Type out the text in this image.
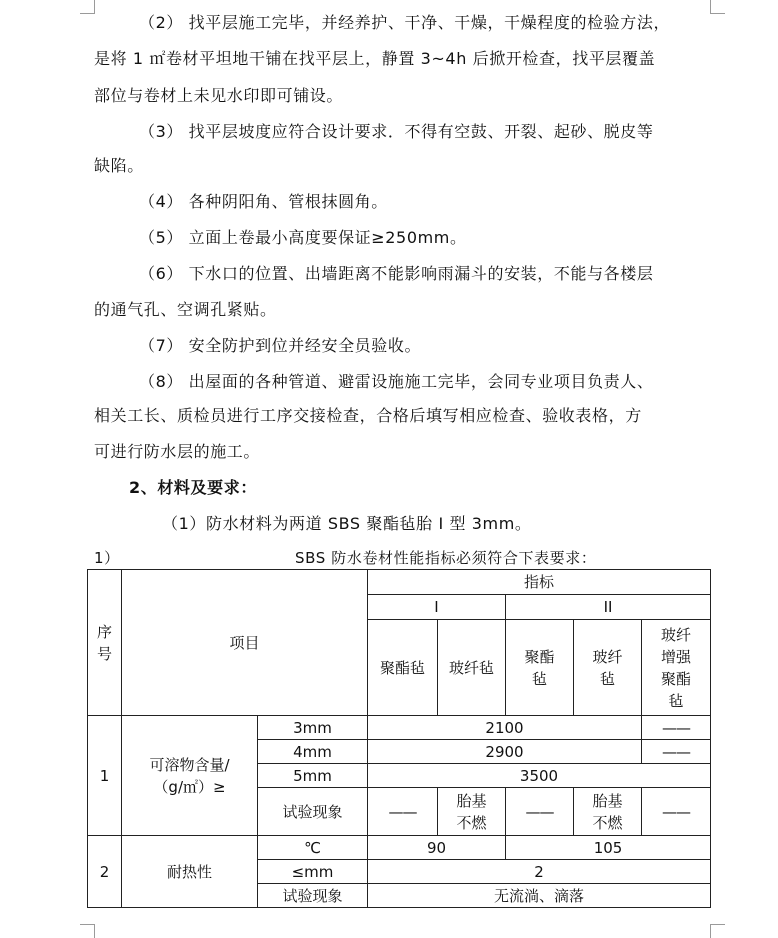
（2） 找平层施工完毕，并经养护、干净、干燥，干燥程度的检验方法，
是将 1 ㎡卷材平坦地干铺在找平层上，静置 3~4h 后掀开检查，找平层覆盖
部位与卷材上未见水印即可铺设。
（3） 找平层坡度应符合设计要求．不得有空鼓、开裂、起砂、脱皮等
缺陷。
（4） 各种阴阳角、管根抹圆角。
（5） 立面上卷最小高度要保证≥250mm。
（6） 下水口的位置、出墙距离不能影响雨漏斗的安装，不能与各楼层
的通气孔、空调孔紧贴。
（7） 安全防护到位并经安全员验收。
（8） 出屋面的各种管道、避雷设施施工完毕，会同专业项目负责人、
相关工长、质检员进行工序交接检查，合格后填写相应检查、验收表格，方
可进行防水层的施工。
2、材料及要求：
（1）防水材料为两道 SBS 聚酯毡胎 I 型 3mm。
1）	SBS 防水卷材性能指标必须符合下表要求：
序号	项目		指标				
			I		II		
			聚酯毡	玻纤毡	聚酯毡	玻纤毡	玻纤增强聚酯毡
1	可溶物含量/（g/㎡）≥	3mm	2100				——
		4mm	2900				——
		5mm	3500				
		试验现象	——	胎基不燃	——	胎基不燃	——
2	耐热性	℃	90		105		
		≤mm	2				
		试验现象	无流淌、滴落				
